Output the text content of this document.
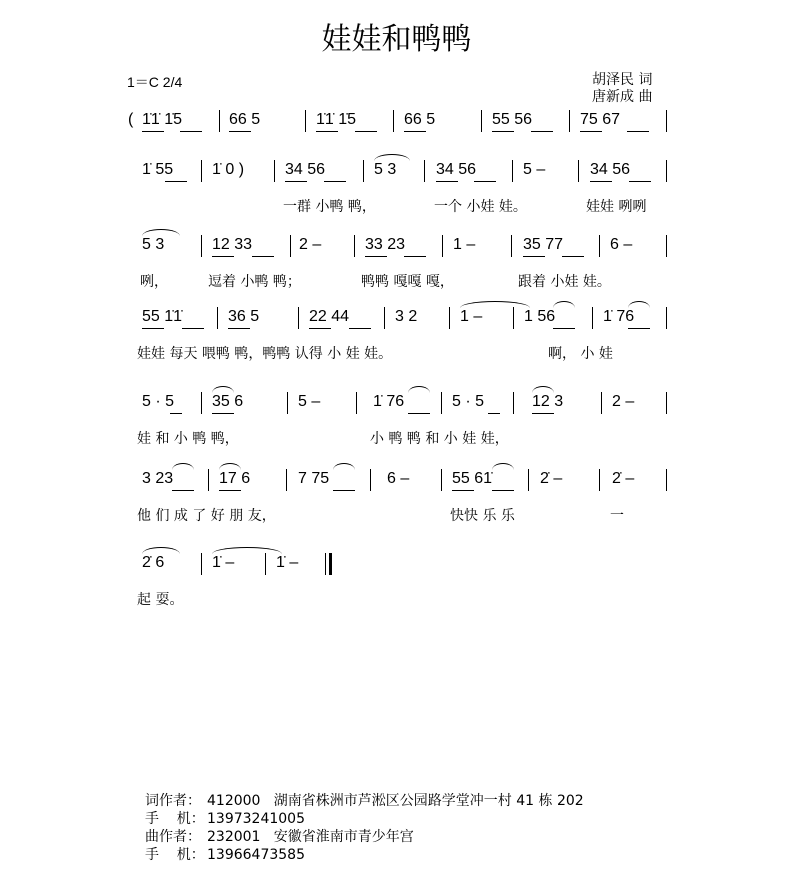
娃娃和鸭鸭
1＝C 2/4	胡泽民 词
唐新成 曲
( 1̇1̇ 1̇5	66 5	1̇1̇ 1̇5	66 5	55 56	75 67
1̇ 55 1̇ 0 )	34 56	5 3 34 56	5 –	34 56
一群 小鸭 鸭，	一个 小娃 娃。	娃娃 咧咧
5 3	12 33	2 –	33 23	1 –	35 77	6 –
咧，	逗着 小鸭 鸭；	鸭鸭 嘎嘎 嘎，	跟着 小娃 娃。
55 1̇1̇	36 5	22 44	3 2	1 –	1 56	1̇ 76
娃娃 每天 喂鸭 鸭，鸭鸭 认得 小 娃 娃。	啊， 小 娃
5 · 5 35 6	5 –	1̇ 76	5 · 5	12 3	2 –
娃 和 小 鸭 鸭，	小 鸭 鸭 和 小 娃 娃，
3 23	17 6	7 75	6 –	55 61̇	2̇ –	2̇ –
他 们 成 了 好 朋 友，	快快 乐 乐	一
2̇ 6	1̇ –	1̇ –
起 耍。
词作者： 412000   湖南省株洲市芦淞区公园路学堂冲一村 41 栋 202
手    机： 13973241005
曲作者： 232001   安徽省淮南市青少年宫
手    机： 13966473585
